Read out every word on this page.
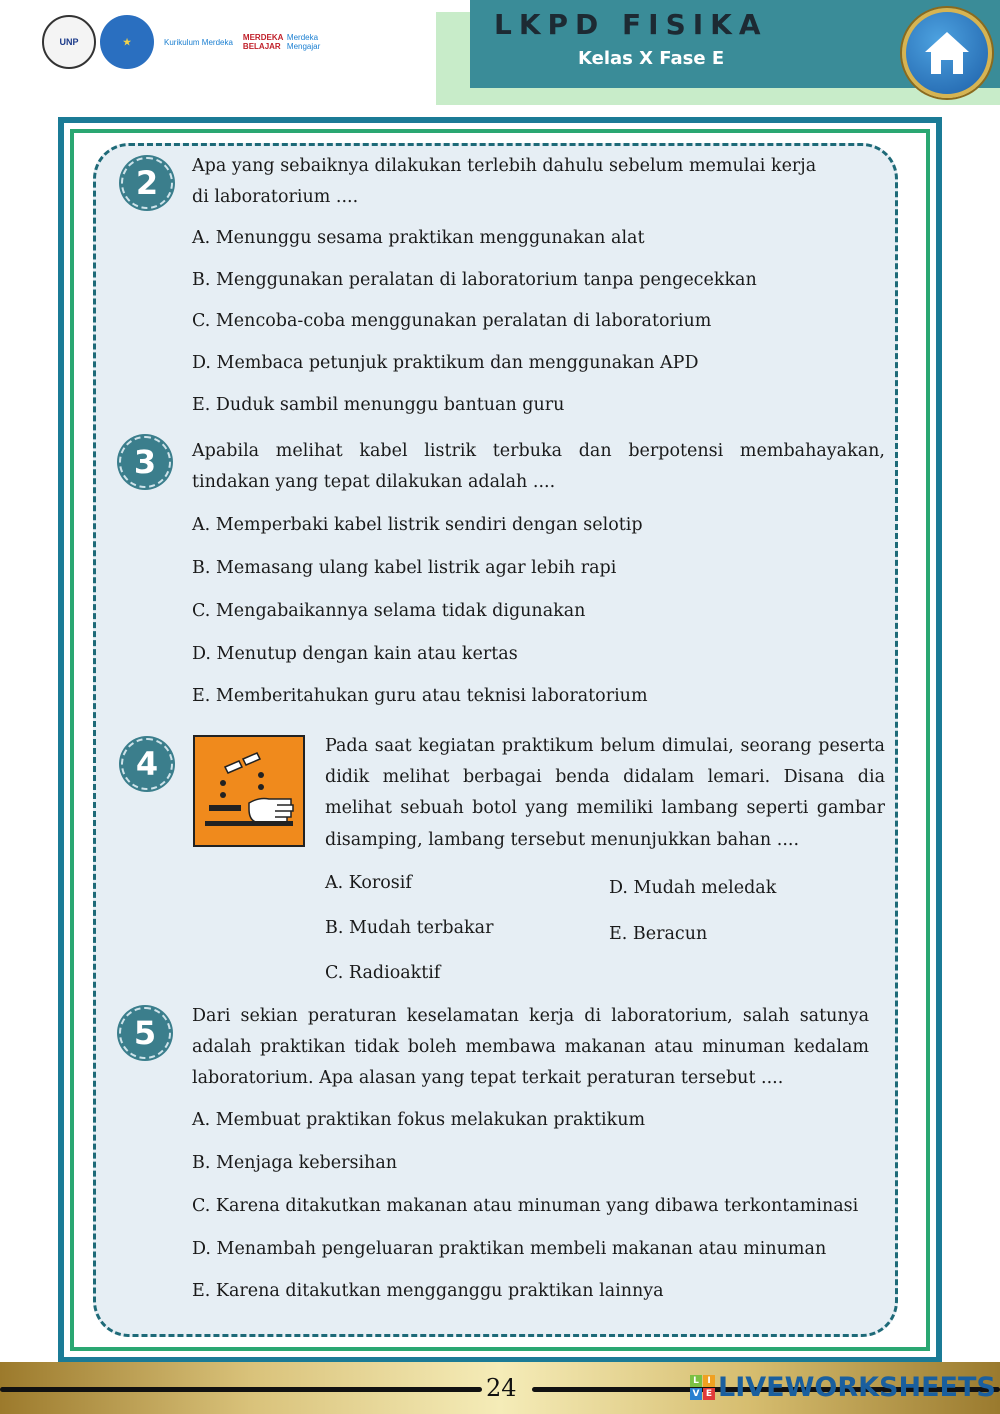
UNP	★	Kurikulum Merdeka MERDEKA BELAJAR
Merdeka Mengajar
LKPD FISIKA
Kelas X Fase E
2	Apa yang sebaiknya dilakukan terlebih dahulu sebelum memulai kerja
di laboratorium ....
A. Menunggu sesama praktikan menggunakan alat
B. Menggunakan peralatan di laboratorium tanpa pengecekkan
C. Mencoba-coba menggunakan peralatan di laboratorium
D. Membaca petunjuk praktikum dan menggunakan APD
E. Duduk sambil menunggu bantuan guru
3	Apabila melihat kabel listrik terbuka dan berpotensi membahayakan,
tindakan yang tepat dilakukan adalah ....
A. Memperbaki kabel listrik sendiri dengan selotip
B. Memasang ulang kabel listrik agar lebih rapi
C. Mengabaikannya selama tidak digunakan
D. Menutup dengan kain atau kertas
E. Memberitahukan guru atau teknisi laboratorium
4	Pada saat kegiatan praktikum belum dimulai, seorang peserta
didik melihat berbagai benda didalam lemari. Disana dia
melihat sebuah botol yang memiliki lambang seperti gambar
disamping, lambang tersebut menunjukkan bahan ....
A. Korosif
B. Mudah terbakar
C. Radioaktif
D. Mudah meledak
E. Beracun
5	Dari sekian peraturan keselamatan kerja di laboratorium, salah satunya
adalah praktikan tidak boleh membawa makanan atau minuman kedalam
laboratorium. Apa alasan yang tepat terkait peraturan tersebut ....
A. Membuat praktikan fokus melakukan praktikum
B. Menjaga kebersihan
C. Karena ditakutkan makanan atau minuman yang dibawa terkontaminasi
D. Menambah pengeluaran praktikan membeli makanan atau minuman
E. Karena ditakutkan mengganggu praktikan lainnya
24	L I
V E LIVEWORKSHEETS
